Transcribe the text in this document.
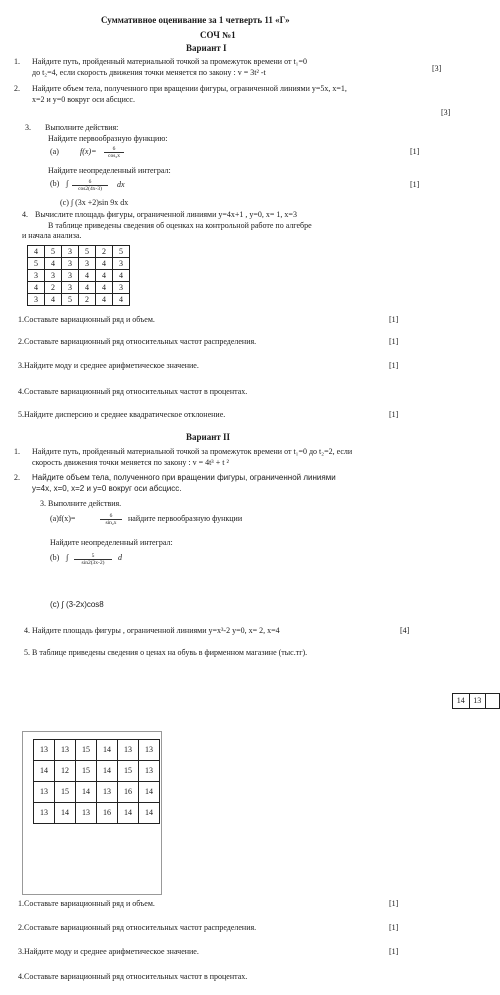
Суммативное оценивание за 1 четверть 11 «Г»
СОЧ №1
Вариант I
1. Найдите путь, пройденный материальной точкой за промежуток времени от t₁=0
до t₂=4, если скорость движения точки меняется по закону : v = 3t² -t	[3]
2. Найдите объем тела, полученного при вращении фигуры, ограниченной линиями y=5x, x=1,
x=2 и y=0 вокруг оси абсцисс.
[3]
3. Выполните действия:
Найдите первообразную функцию:
(a)	$f(x)= \frac{6}{\text{cos₂x}}$	[1]
Найдите неопределенный интеграл:
(b) ∫ $\frac{6}{\cos 2(4x-3)}$ dx	[1]
(c) ∫ (3x +2)sin 9x dx
4. Вычислите площадь фигуры, ограниченной линиями y=4x+1 , y=0, x= 1, x=3
В таблице приведены сведения об оценках на контрольной работе по алгебре
и начала анализа.
4	5	3	5	2	5
5	4	3	3	4	3
3	3	3	4	4	4
4	2	3	4	4	3
3	4	5	2	4	4
1.Составьте вариационный ряд и объем.	[1]
2.Составьте вариационный ряд относительных частот распределения.	[1]
3.Найдите моду и среднее арифметическое значение.	[1]
4.Составьте вариационный ряд относительных частот в процентах.
5.Найдите дисперсию и среднее квадратическое отклонение.	[1]
Вариант II
1. Найдите путь, пройденный материальной точкой за промежуток времени от t₁=0 до t₂=2, если
скорость движения точки меняется по закону : v = 4t³ + t ²
2. Найдите объем тела, полученного при вращении фигуры, ограниченной линиями
y=4x, x=0, x=2 и y=0 вокруг оси абсцисс.
3. Выполните действия.
(a)f(x)=	$\frac{6}{\text{sin₂x}}$ найдите первообразную функции
Найдите неопределенный интеграл:
(b) ∫ $\frac{5}{\sin 2(3x-2)}$ d
(c) ∫ (3-2x)cos8
4. Найдите площадь фигуры , ограниченной линиями y=x³-2 y=0, x= 2, x=4	[4]
5. В таблице приведены сведения о ценах на обувь в фирменном магазине (тыс.тг).
14	13	
13	13	15	14	13	13
14	12	15	14	15	13
13	15	14	13	16	14
13	14	13	16	14	14
1.Составьте вариационный ряд и объем.	[1]
2.Составьте вариационный ряд относительных частот распределения.	[1]
3.Найдите моду и среднее арифметическое значение.	[1]
4.Составьте вариационный ряд относительных частот в процентах.
